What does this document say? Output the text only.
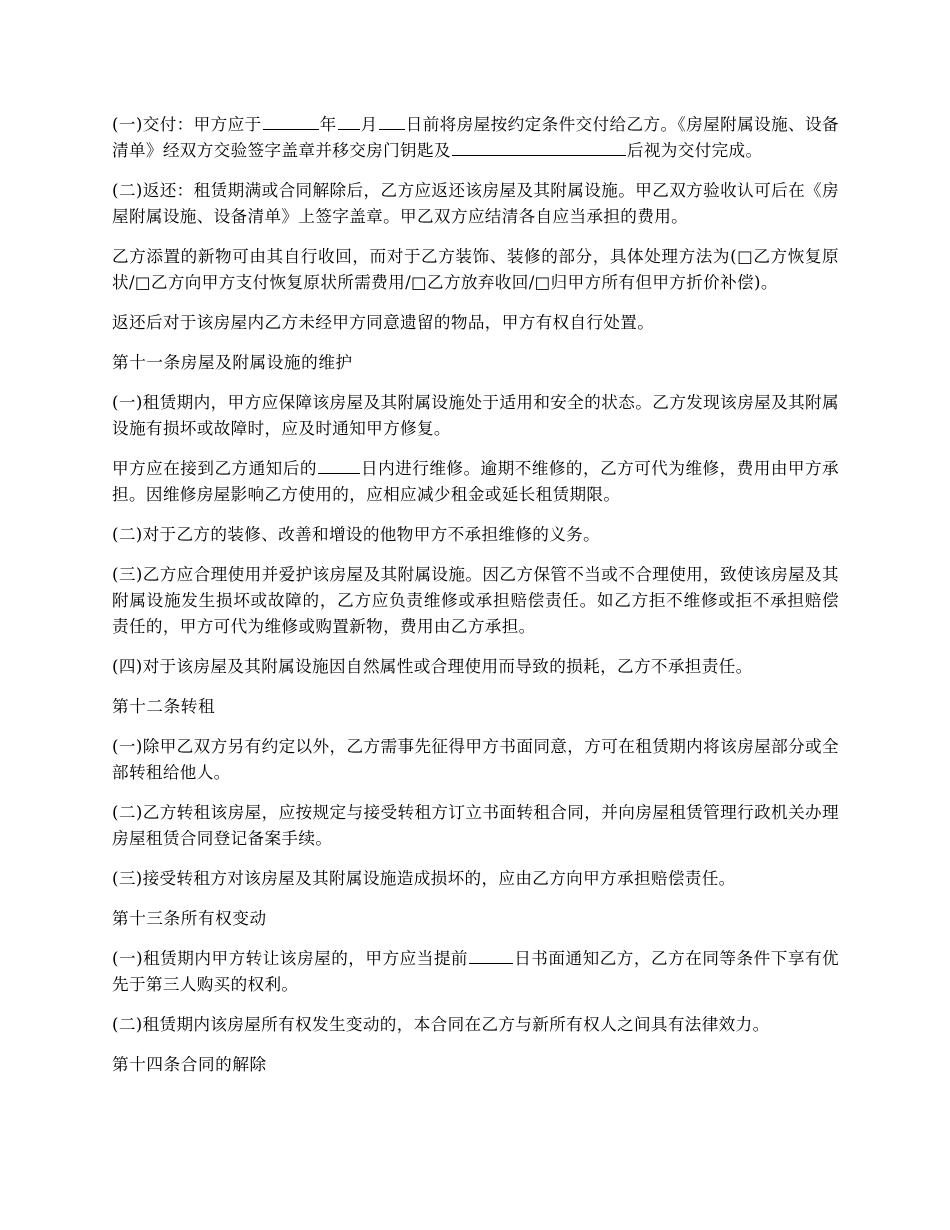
(一)交付：甲方应于	年 月 日前将房屋按约定条件交付给乙方。《房屋附属设施、设备清单》经双方交验签字盖章并移交房门钥匙及	后视为交付完成。

(二)返还：租赁期满或合同解除后，乙方应返还该房屋及其附属设施。甲乙双方验收认可后在《房屋附属设施、设备清单》上签字盖章。甲乙双方应结清各自应当承担的费用。

乙方添置的新物可由其自行收回，而对于乙方装饰、装修的部分，具体处理方法为(□乙方恢复原状/□乙方向甲方支付恢复原状所需费用/□乙方放弃收回/□归甲方所有但甲方折价补偿)。

返还后对于该房屋内乙方未经甲方同意遗留的物品，甲方有权自行处置。

第十一条房屋及附属设施的维护

(一)租赁期内，甲方应保障该房屋及其附属设施处于适用和安全的状态。乙方发现该房屋及其附属设施有损坏或故障时，应及时通知甲方修复。

甲方应在接到乙方通知后的	日内进行维修。逾期不维修的，乙方可代为维修，费用由甲方承担。因维修房屋影响乙方使用的，应相应减少租金或延长租赁期限。

(二)对于乙方的装修、改善和增设的他物甲方不承担维修的义务。

(三)乙方应合理使用并爱护该房屋及其附属设施。因乙方保管不当或不合理使用，致使该房屋及其附属设施发生损坏或故障的，乙方应负责维修或承担赔偿责任。如乙方拒不维修或拒不承担赔偿责任的，甲方可代为维修或购置新物，费用由乙方承担。

(四)对于该房屋及其附属设施因自然属性或合理使用而导致的损耗，乙方不承担责任。

第十二条转租

(一)除甲乙双方另有约定以外，乙方需事先征得甲方书面同意，方可在租赁期内将该房屋部分或全部转租给他人。

(二)乙方转租该房屋，应按规定与接受转租方订立书面转租合同，并向房屋租赁管理行政机关办理房屋租赁合同登记备案手续。

(三)接受转租方对该房屋及其附属设施造成损坏的，应由乙方向甲方承担赔偿责任。

第十三条所有权变动

(一)租赁期内甲方转让该房屋的，甲方应当提前	日书面通知乙方，乙方在同等条件下享有优先于第三人购买的权利。

(二)租赁期内该房屋所有权发生变动的，本合同在乙方与新所有权人之间具有法律效力。

第十四条合同的解除
